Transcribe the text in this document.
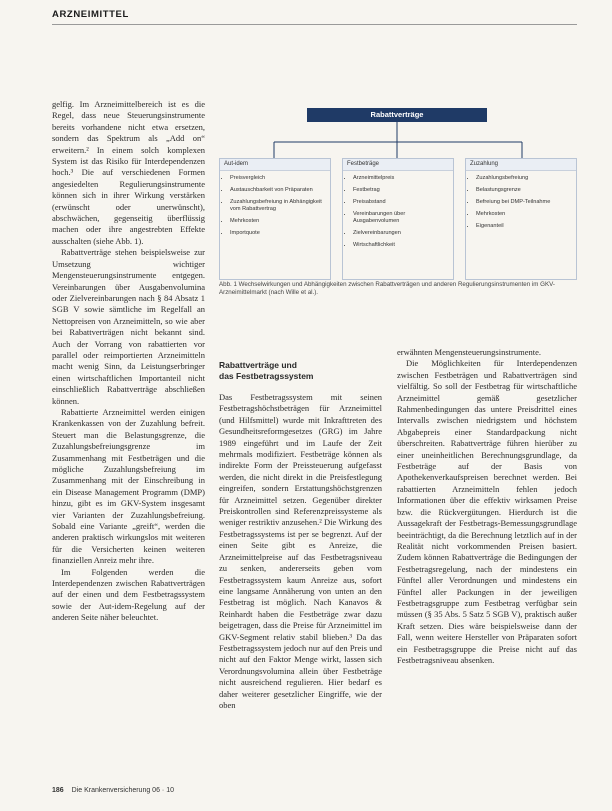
ARZNEIMITTEL

gelfig. Im Arzneimittelbereich ist es die Regel, dass neue Steuerungsinstrumente bereits vorhandene nicht etwa ersetzen, sondern das Spektrum als „Add on“ erweitern.² In einem solch komplexen System ist das Risiko für Interdependenzen hoch.³ Die auf verschiedenen Formen angesiedelten Regulierungsinstrumente können sich in ihrer Wirkung verstärken (erwünscht oder unerwünscht), abschwächen, gegenseitig überflüssig machen oder ihre angestrebten Effekte ausschalten (siehe Abb. 1).

Rabattverträge stehen beispielsweise zur Umsetzung wichtiger Mengensteuerungsinstrumente entgegen. Vereinbarungen über Ausgabenvolumina oder Zielvereinbarungen nach § 84 Absatz 1 SGB V sowie sämtliche im Regelfall an Nettopreisen von Arzneimitteln, so wie aber bei Rabattverträgen nicht bekannt sind. Auch der Vorrang von rabattierten vor parallel oder reimportierten Arzneimitteln macht wenig Sinn, da Leistungserbringer einen wirtschaftlichen Importanteil nicht einschließlich Rabattverträge abschließen können.

Rabattierte Arzneimittel werden einigen Krankenkassen von der Zuzahlung befreit. Steuert man die Belastungsgrenze, die Zuzahlungsbefreiungsgrenze im Zusammenhang mit Festbeträgen und die mögliche Zuzahlungsbefreiung im Zusammenhang mit der Einschreibung in ein Disease Management Programm (DMP) hinzu, gibt es im GKV-System insgesamt vier Varianten der Zuzahlungsbefreiung. Sobald eine Variante „greift“, werden die anderen praktisch wirkungslos mit weiteren für die Versicherten keinen weiteren finanziellen Anreiz mehr ihre.

Im Folgenden werden die Interdependenzen zwischen Rabattverträgen auf der einen und dem Festbetragssystem sowie der Aut-idem-Regelung auf der anderen Seite näher beleuchtet.

Rabattverträge
Aut-idem
• Preisvergleich
• Austauschbarkeit von Präparaten
• Zuzahlungsbefreiung in Abhängigkeit vom Rabattvertrag
• Mehrkosten
• Importquote
Festbeträge
• Arzneimittelpreis
• Festbetrag
• Preisabstand
• Vereinbarungen über Ausgabenvolumen
• Zielvereinbarungen
• Wirtschaftlichkeit
Zuzahlung
• Zuzahlungsbefreiung
• Belastungsgrenze
• Befreiung bei DMP-Teilnahme
• Mehrkosten
• Eigenanteil
Abb. 1 Wechselwirkungen und Abhängigkeiten zwischen Rabattverträgen und anderen Regulierungsinstrumenten im GKV-Arzneimittelmarkt (nach Wille et al.).
Rabattverträge und
das Festbetragssystem

Das Festbetragssystem mit seinen Festbetragshöchstbeträgen für Arzneimittel (und Hilfsmittel) wurde mit Inkrafttreten des Gesundheitsreformgesetzes (GRG) im Jahre 1989 eingeführt und im Laufe der Zeit mehrmals modifiziert. Festbeträge können als indirekte Form der Preissteuerung aufgefasst werden, die nicht direkt in die Preisfestlegung eingreifen, sondern Erstattungshöchstgrenzen für Arzneimittel setzen. Gegenüber direkter Preiskontrollen sind Referenzpreissysteme als weniger restriktiv anzusehen.² Die Wirkung des Festbetragssystems ist per se begrenzt. Auf der einen Seite gibt es Anreize, die Arzneimittelpreise auf das Festbetragsniveau zu senken, andererseits geben vom Festbetragssystem kaum Anreize aus, sofort eine langsame Annäherung von unten an den Festbetrag ist möglich. Nach Kanavos & Reinhardt haben die Festbeträge zwar dazu beigetragen, dass die Preise für Arzneimittel im GKV-Segment relativ stabil blieben.³ Da das Festbetragssystem jedoch nur auf den Preis und nicht auf den Faktor Menge wirkt, lassen sich Verordnungsvolumina allein über Festbeträge nicht ausreichend regulieren. Hier bedarf es daher weiterer gesetzlicher Eingriffe, wie der oben

erwähnten Mengensteuerungsinstrumente.

Die Möglichkeiten für Interdependenzen zwischen Festbeträgen und Rabattverträgen sind vielfältig. So soll der Festbetrag für wirtschaftliche Arzneimittel gemäß gesetzlicher Rahmenbedingungen das untere Preisdrittel eines Intervalls zwischen niedrigstem und höchstem Abgabepreis einer Standardpackung nicht überschreiten. Rabattverträge führen hierüber zu einer uneinheitlichen Berechnungsgrundlage, da Festbeträge auf der Basis von Apothekenverkaufspreisen berechnet werden. Bei rabattierten Arzneimitteln fehlen jedoch Informationen über die effektiv wirksamen Preise bzw. die Rückvergütungen. Hierdurch ist die Aussagekraft der Festbetrags-Bemessungsgrundlage beeinträchtigt, da die Berechnung letztlich auf in der Realität nicht vorkommenden Preisen basiert. Zudem können Rabattverträge die Bedingungen der Festbetragsregelung, nach der mindestens ein Fünftel aller Verordnungen und mindestens ein Fünftel aller Packungen in der jeweiligen Festbetragsgruppe zum Festbetrag verfügbar sein müssen (§ 35 Abs. 5 Satz 5 SGB V), praktisch außer Kraft setzen. Dies wäre beispielsweise dann der Fall, wenn weitere Hersteller von Präparaten sofort ein Festbetragsgruppe die Preise nicht auf das Festbetragsniveau absenken.

186 Die Krankenversicherung 06 · 10
